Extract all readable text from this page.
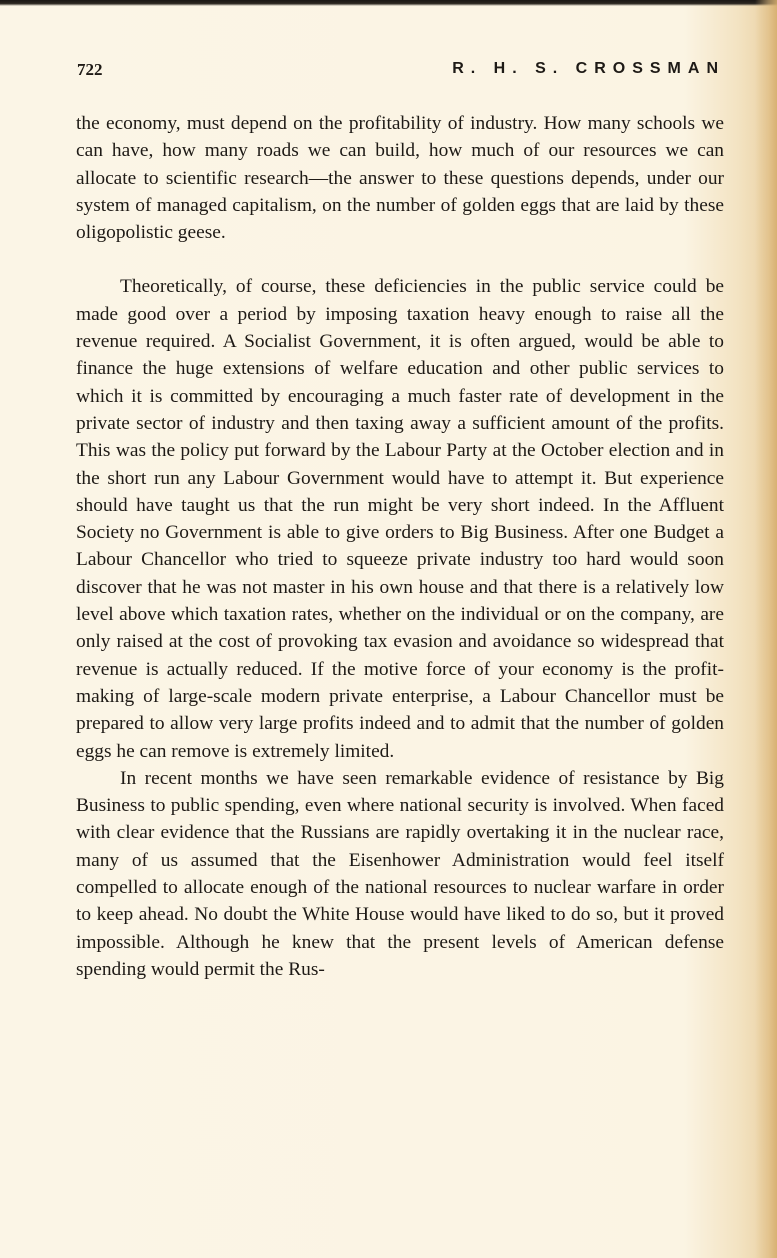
722	R. H. S. CROSSMAN

the economy, must depend on the profitability of industry. How many schools we can have, how many roads we can build, how much of our resources we can allocate to scientific research—the answer to these questions depends, under our system of managed capitalism, on the number of golden eggs that are laid by these oligopolistic geese.

Theoretically, of course, these deficiencies in the public service could be made good over a period by imposing taxation heavy enough to raise all the revenue required. A Socialist Government, it is often argued, would be able to finance the huge extensions of welfare education and other public services to which it is committed by encouraging a much faster rate of development in the private sector of industry and then taxing away a sufficient amount of the profits. This was the policy put forward by the Labour Party at the October election and in the short run any Labour Government would have to attempt it. But experience should have taught us that the run might be very short indeed. In the Affluent Society no Government is able to give orders to Big Business. After one Budget a Labour Chancellor who tried to squeeze private industry too hard would soon discover that he was not master in his own house and that there is a relatively low level above which taxation rates, whether on the individual or on the company, are only raised at the cost of provoking tax evasion and avoidance so widespread that revenue is actually reduced. If the motive force of your economy is the profit-making of large-scale modern private enterprise, a Labour Chancellor must be prepared to allow very large profits indeed and to admit that the number of golden eggs he can remove is extremely limited.

In recent months we have seen remarkable evidence of resistance by Big Business to public spending, even where national security is involved. When faced with clear evidence that the Russians are rapidly overtaking it in the nuclear race, many of us assumed that the Eisenhower Administration would feel itself compelled to allocate enough of the national resources to nuclear warfare in order to keep ahead. No doubt the White House would have liked to do so, but it proved impossible. Although he knew that the present levels of American defense spending would permit the Rus-
